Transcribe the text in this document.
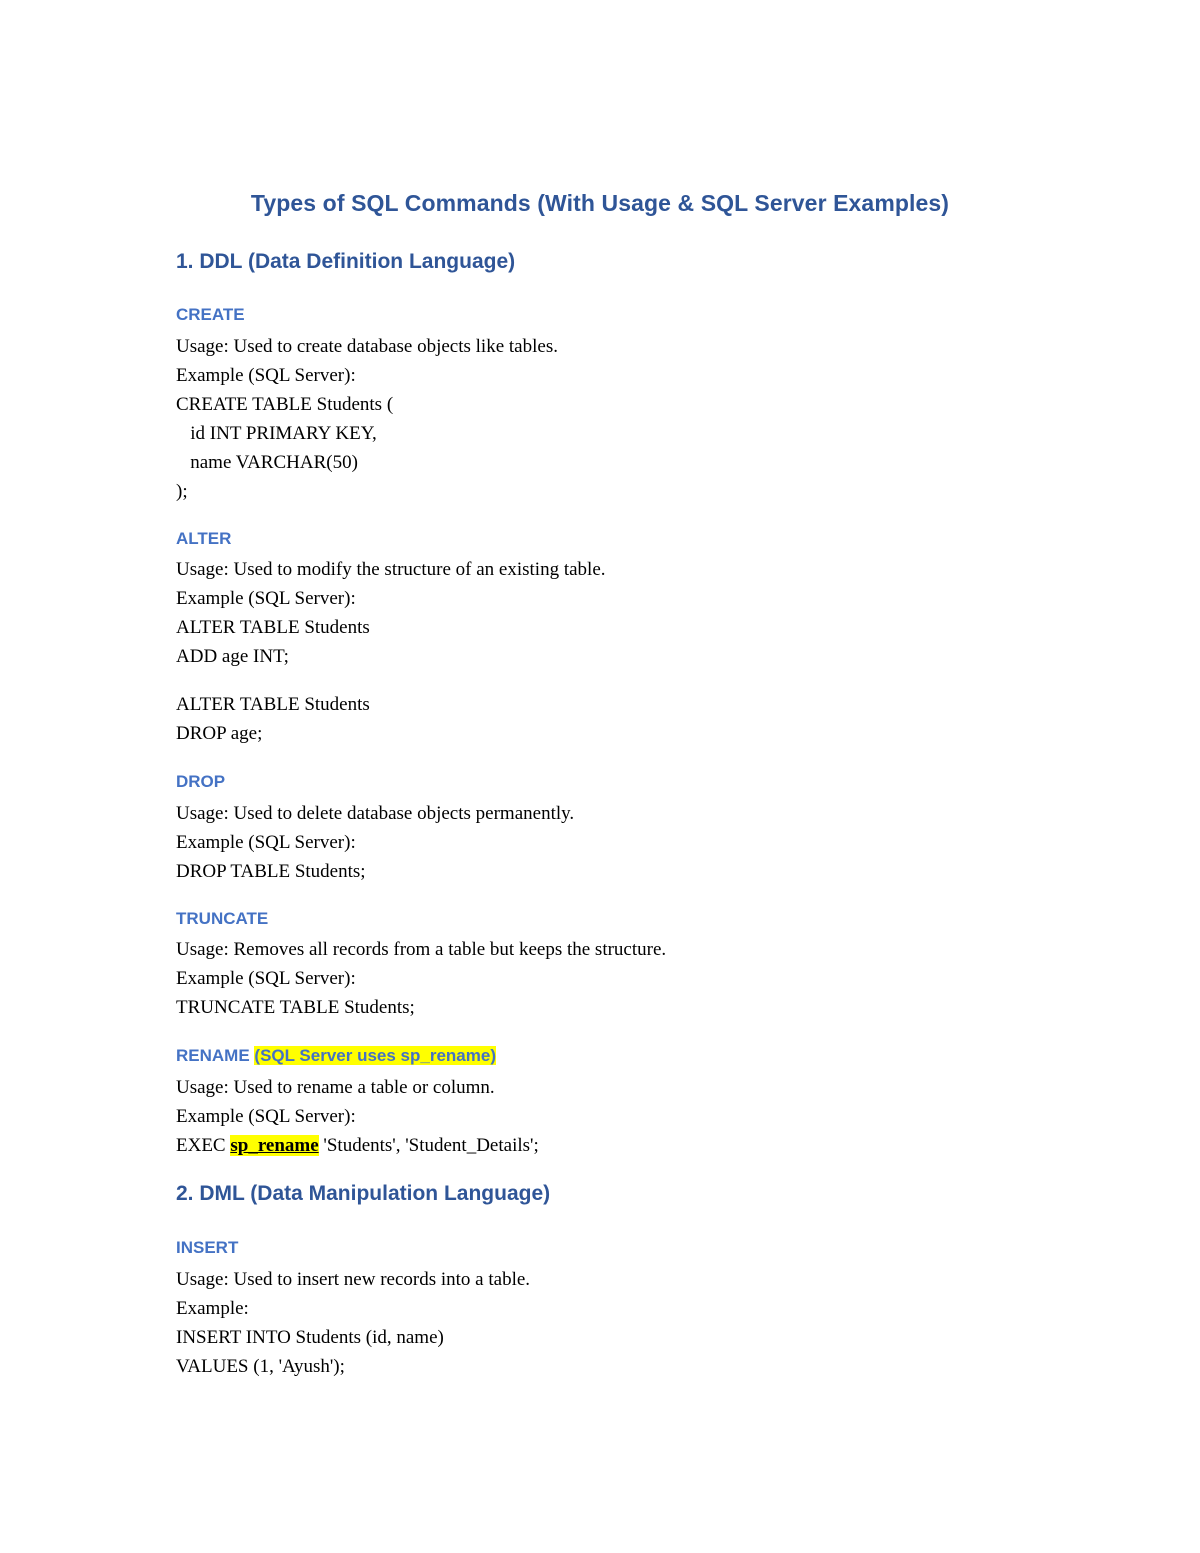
Types of SQL Commands (With Usage & SQL Server Examples)
1. DDL (Data Definition Language)
CREATE
Usage: Used to create database objects like tables.
Example (SQL Server):
CREATE TABLE Students (
id INT PRIMARY KEY,
name VARCHAR(50)
);
ALTER
Usage: Used to modify the structure of an existing table.
Example (SQL Server):
ALTER TABLE Students
ADD age INT;
ALTER TABLE Students
DROP age;
DROP
Usage: Used to delete database objects permanently.
Example (SQL Server):
DROP TABLE Students;
TRUNCATE
Usage: Removes all records from a table but keeps the structure.
Example (SQL Server):
TRUNCATE TABLE Students;
RENAME (SQL Server uses sp_rename)
Usage: Used to rename a table or column.
Example (SQL Server):
EXEC sp_rename 'Students', 'Student_Details';
2. DML (Data Manipulation Language)
INSERT
Usage: Used to insert new records into a table.
Example:
INSERT INTO Students (id, name)
VALUES (1, 'Ayush');
